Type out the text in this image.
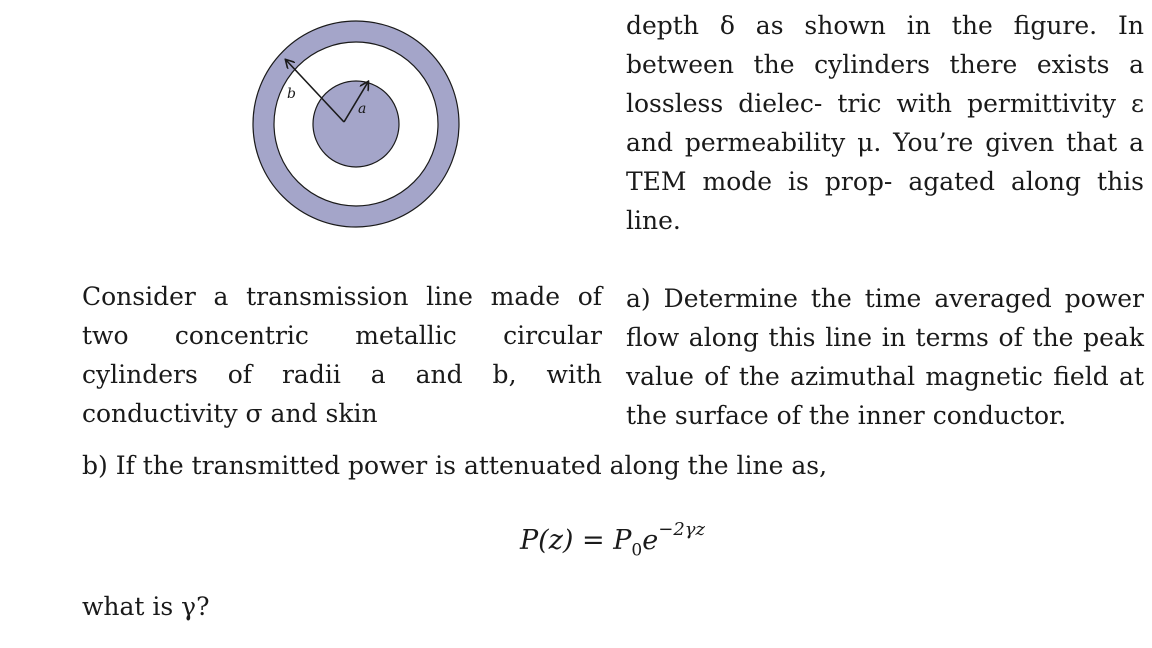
b
a

depth δ as shown in the figure. In between the cylinders there exists a lossless dielec- tric with permittivity ε and permeability μ. You’re given that a TEM mode is prop- agated along this line.

a) Determine the time averaged power flow along this line in terms of the peak value of the azimuthal magnetic field at the surface of the inner conductor.

Consider a transmission line made of two concentric metallic circular cylinders of radii a and b, with conductivity σ and skin

b) If the transmitted power is attenuated along the line as,
$P(z) = P_0e^{-2\gamma z}$
what is γ?
